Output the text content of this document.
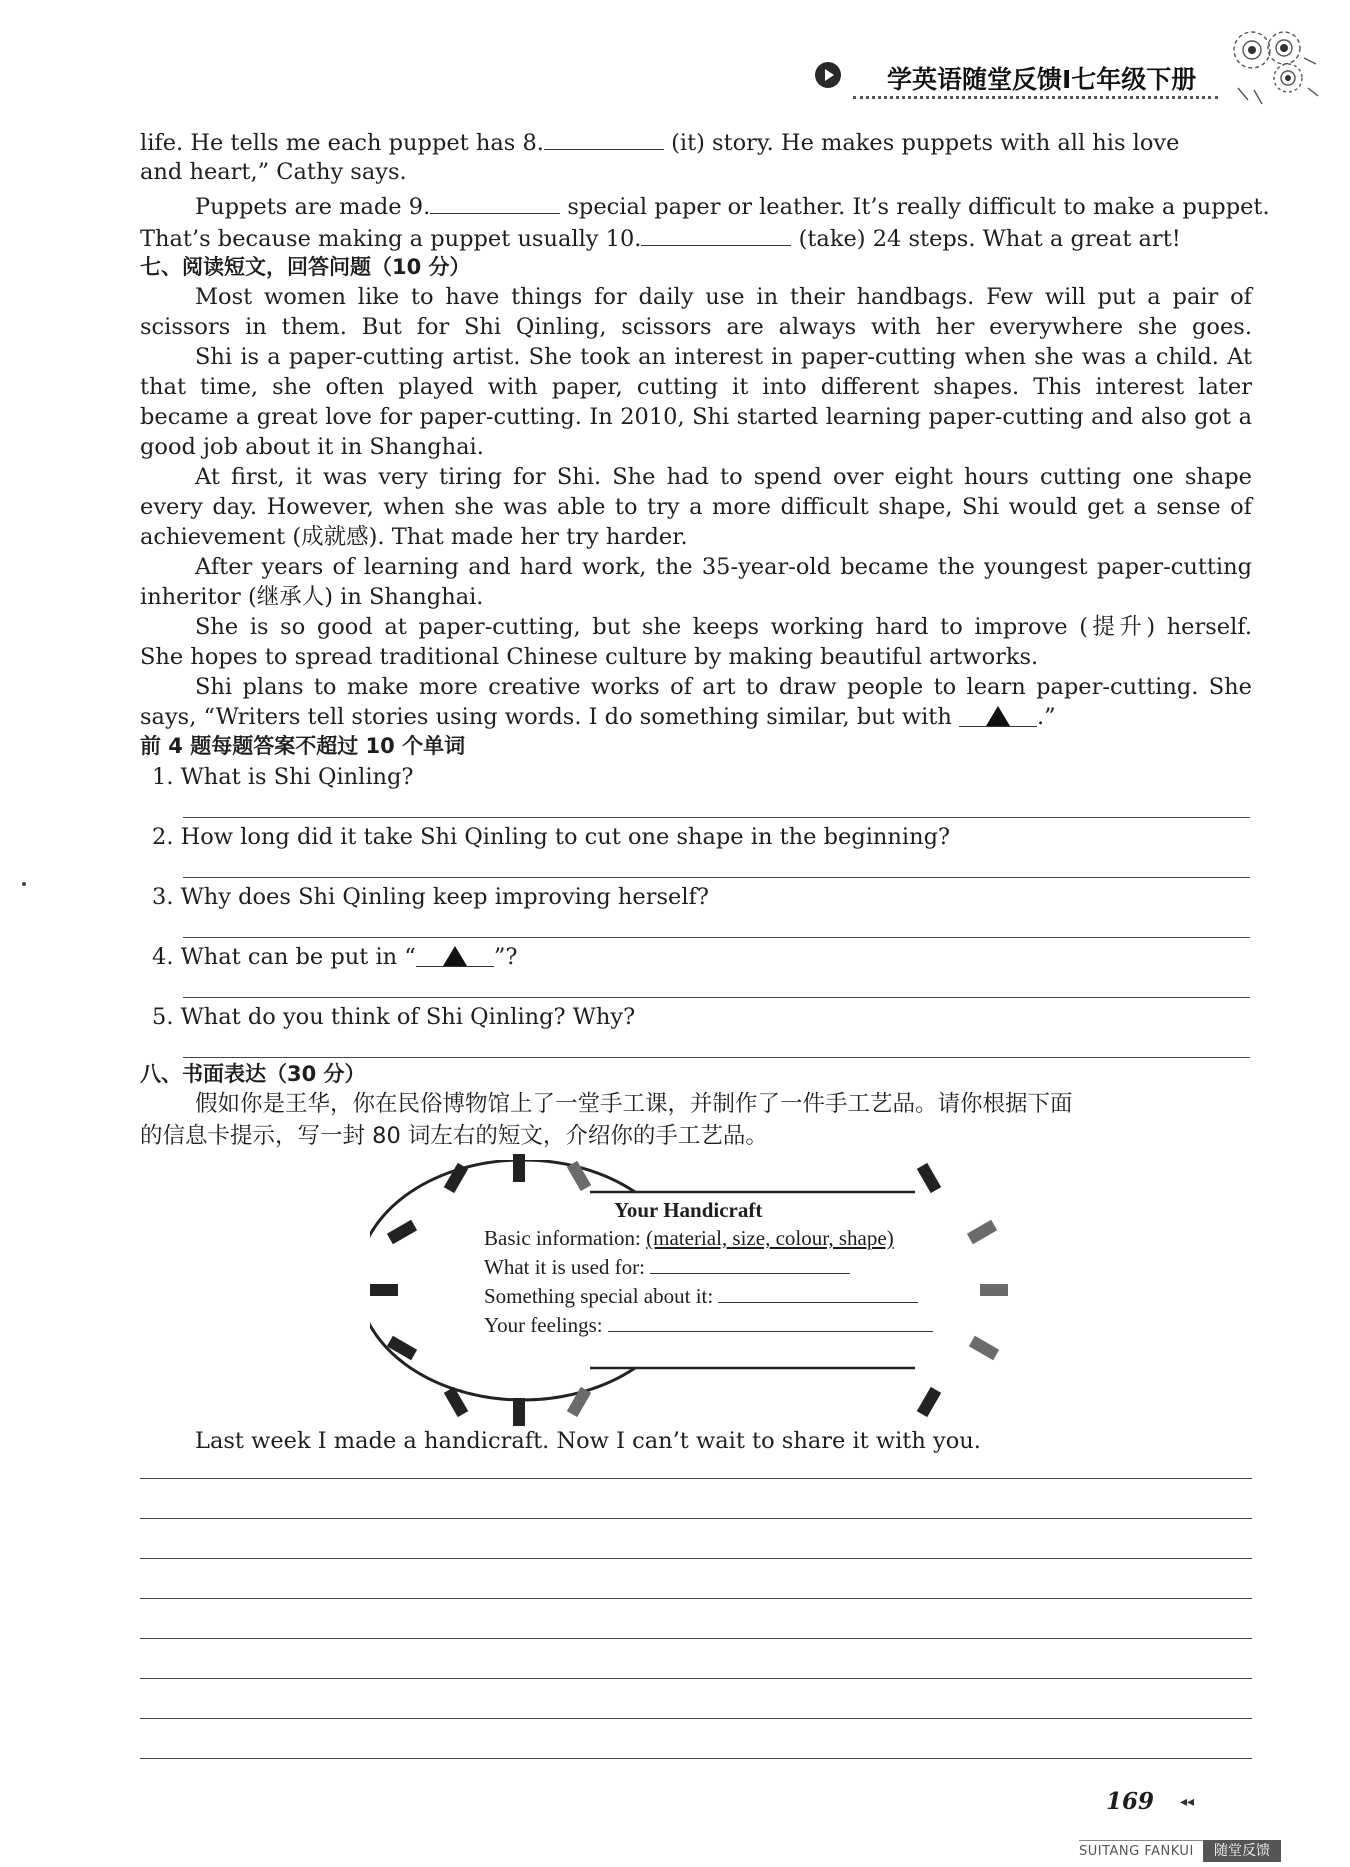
学英语随堂反馈Ⅰ七年级下册
life. He tells me each puppet has 8.	(it) story. He makes puppets with all his love
and heart,” Cathy says.
Puppets are made 9.	special paper or leather. It’s really difficult to make a puppet.
That’s because making a puppet usually 10.	(take) 24 steps. What a great art!
七、阅读短文，回答问题（10 分）
Most women like to have things for daily use in their handbags. Few will put a pair of
scissors in them. But for Shi Qinling, scissors are always with her everywhere she goes.
Shi is a paper-cutting artist. She took an interest in paper-cutting when she was a child. At
that time, she often played with paper, cutting it into different shapes. This interest later
became a great love for paper-cutting. In 2010, Shi started learning paper-cutting and also got a
good job about it in Shanghai.
At first, it was very tiring for Shi. She had to spend over eight hours cutting one shape
every day. However, when she was able to try a more difficult shape, Shi would get a sense of
achievement (成就感). That made her try harder.
After years of learning and hard work, the 35-year-old became the youngest paper-cutting
inheritor (继承人) in Shanghai.
She is so good at paper-cutting, but she keeps working hard to improve (提升) herself.
She hopes to spread traditional Chinese culture by making beautiful artworks.
Shi plans to make more creative works of art to draw people to learn paper-cutting. She
says, “Writers tell stories using words. I do something similar, but with	.”
前 4 题每题答案不超过 10 个单词
1. What is Shi Qinling?
2. How long did it take Shi Qinling to cut one shape in the beginning?
3. Why does Shi Qinling keep improving herself?
4. What can be put in “	”?
5. What do you think of Shi Qinling? Why?
八、书面表达（30 分）
假如你是王华，你在民俗博物馆上了一堂手工课，并制作了一件手工艺品。请你根据下面
的信息卡提示，写一封 80 词左右的短文，介绍你的手工艺品。
Your Handicraft
Basic information: (material, size, colour, shape)
What it is used for:
Something special about it:
Your feelings:
Last week I made a handicraft. Now I can’t wait to share it with you.
169 ◂◂
SUITANG FANKUI	随堂反馈
